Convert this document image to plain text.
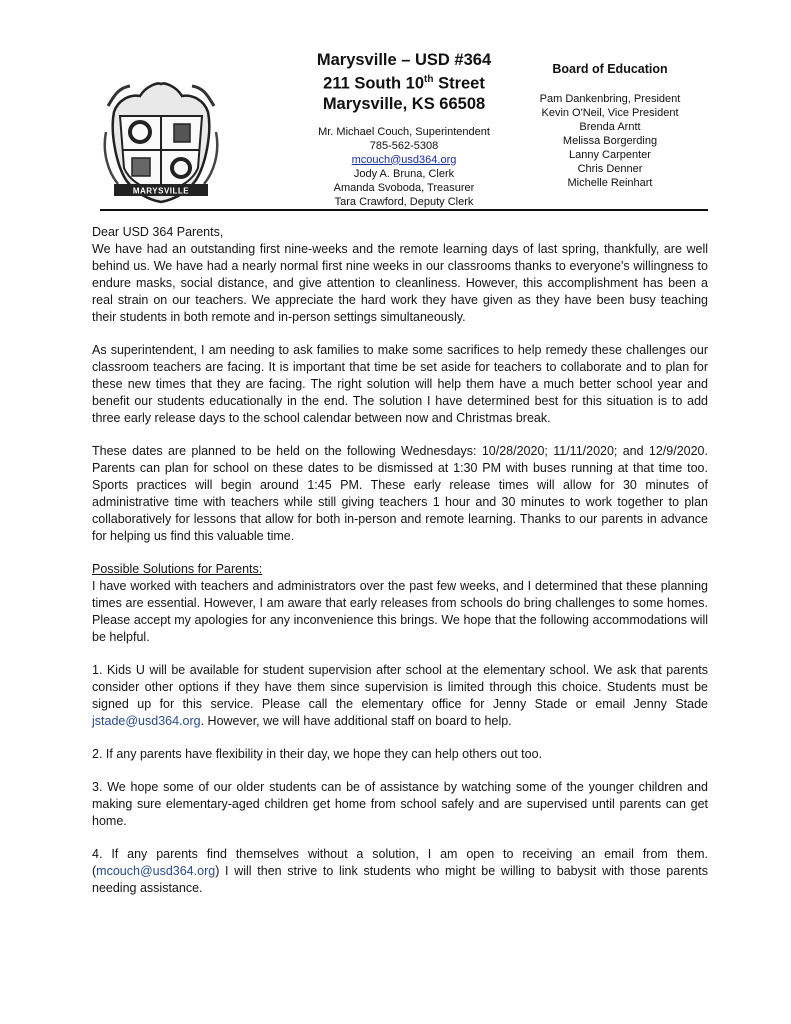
MARYSVILLE
Marysville – USD #364
211 South 10th Street
Marysville, KS 66508
Mr. Michael Couch, Superintendent
785-562-5308
mcouch@usd364.org
Jody A. Bruna, Clerk
Amanda Svoboda, Treasurer
Tara Crawford, Deputy Clerk
Board of Education
Pam Dankenbring, President
Kevin O'Neil, Vice President
Brenda Arntt
Melissa Borgerding
Lanny Carpenter
Chris Denner
Michelle Reinhart
Dear USD 364 Parents,

We have had an outstanding first nine-weeks and the remote learning days of last spring, thankfully, are well behind us. We have had a nearly normal first nine weeks in our classrooms thanks to everyone's willingness to endure masks, social distance, and give attention to cleanliness. However, this accomplishment has been a real strain on our teachers. We appreciate the hard work they have given as they have been busy teaching their students in both remote and in-person settings simultaneously.

As superintendent, I am needing to ask families to make some sacrifices to help remedy these challenges our classroom teachers are facing. It is important that time be set aside for teachers to collaborate and to plan for these new times that they are facing. The right solution will help them have a much better school year and benefit our students educationally in the end. The solution I have determined best for this situation is to add three early release days to the school calendar between now and Christmas break.

These dates are planned to be held on the following Wednesdays: 10/28/2020; 11/11/2020; and 12/9/2020. Parents can plan for school on these dates to be dismissed at 1:30 PM with buses running at that time too. Sports practices will begin around 1:45 PM. These early release times will allow for 30 minutes of administrative time with teachers while still giving teachers 1 hour and 30 minutes to work together to plan collaboratively for lessons that allow for both in-person and remote learning. Thanks to our parents in advance for helping us find this valuable time.

Possible Solutions for Parents:

I have worked with teachers and administrators over the past few weeks, and I determined that these planning times are essential. However, I am aware that early releases from schools do bring challenges to some homes. Please accept my apologies for any inconvenience this brings. We hope that the following accommodations will be helpful.

1. Kids U will be available for student supervision after school at the elementary school. We ask that parents consider other options if they have them since supervision is limited through this choice. Students must be signed up for this service. Please call the elementary office for Jenny Stade or email Jenny Stade jstade@usd364.org. However, we will have additional staff on board to help.

2. If any parents have flexibility in their day, we hope they can help others out too.

3. We hope some of our older students can be of assistance by watching some of the younger children and making sure elementary-aged children get home from school safely and are supervised until parents can get home.

4. If any parents find themselves without a solution, I am open to receiving an email from them. (mcouch@usd364.org) I will then strive to link students who might be willing to babysit with those parents needing assistance.
